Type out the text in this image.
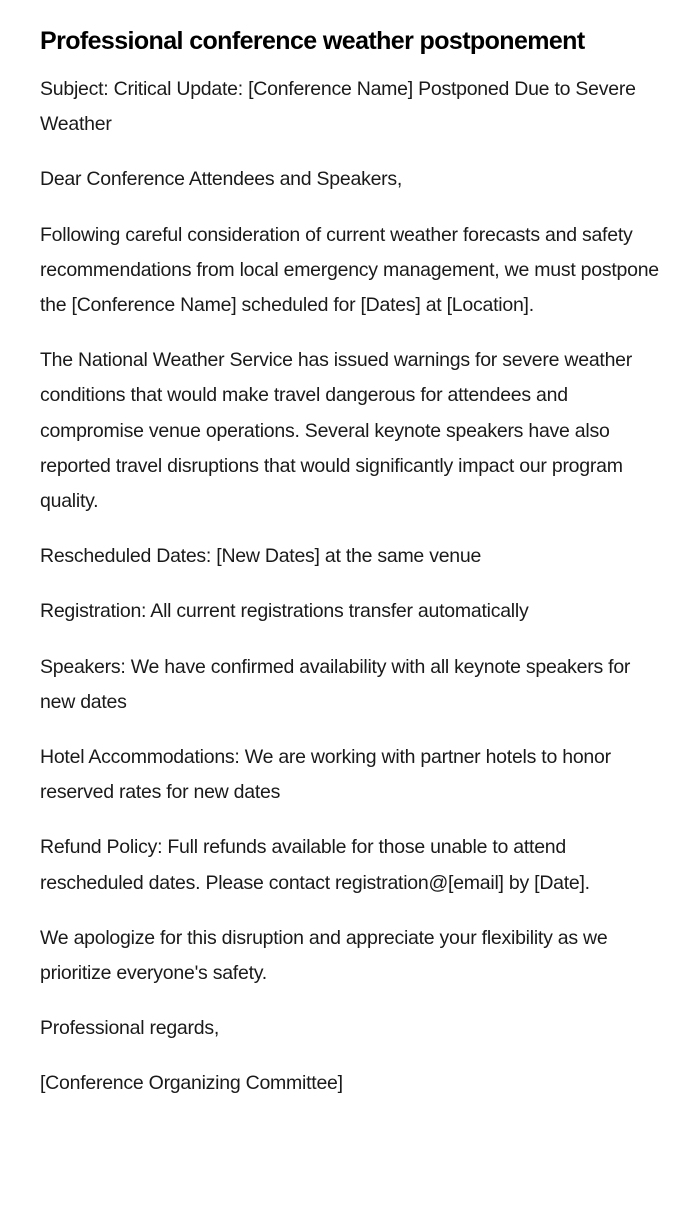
Professional conference weather postponement

Subject: Critical Update: [Conference Name] Postponed Due to Severe Weather

Dear Conference Attendees and Speakers,

Following careful consideration of current weather forecasts and safety recommendations from local emergency management, we must postpone the [Conference Name] scheduled for [Dates] at [Location].

The National Weather Service has issued warnings for severe weather conditions that would make travel dangerous for attendees and compromise venue operations. Several keynote speakers have also reported travel disruptions that would significantly impact our program quality.

Rescheduled Dates: [New Dates] at the same venue

Registration: All current registrations transfer automatically

Speakers: We have confirmed availability with all keynote speakers for new dates

Hotel Accommodations: We are working with partner hotels to honor reserved rates for new dates

Refund Policy: Full refunds available for those unable to attend rescheduled dates. Please contact registration@[email] by [Date].

We apologize for this disruption and appreciate your flexibility as we prioritize everyone's safety.

Professional regards,

[Conference Organizing Committee]
